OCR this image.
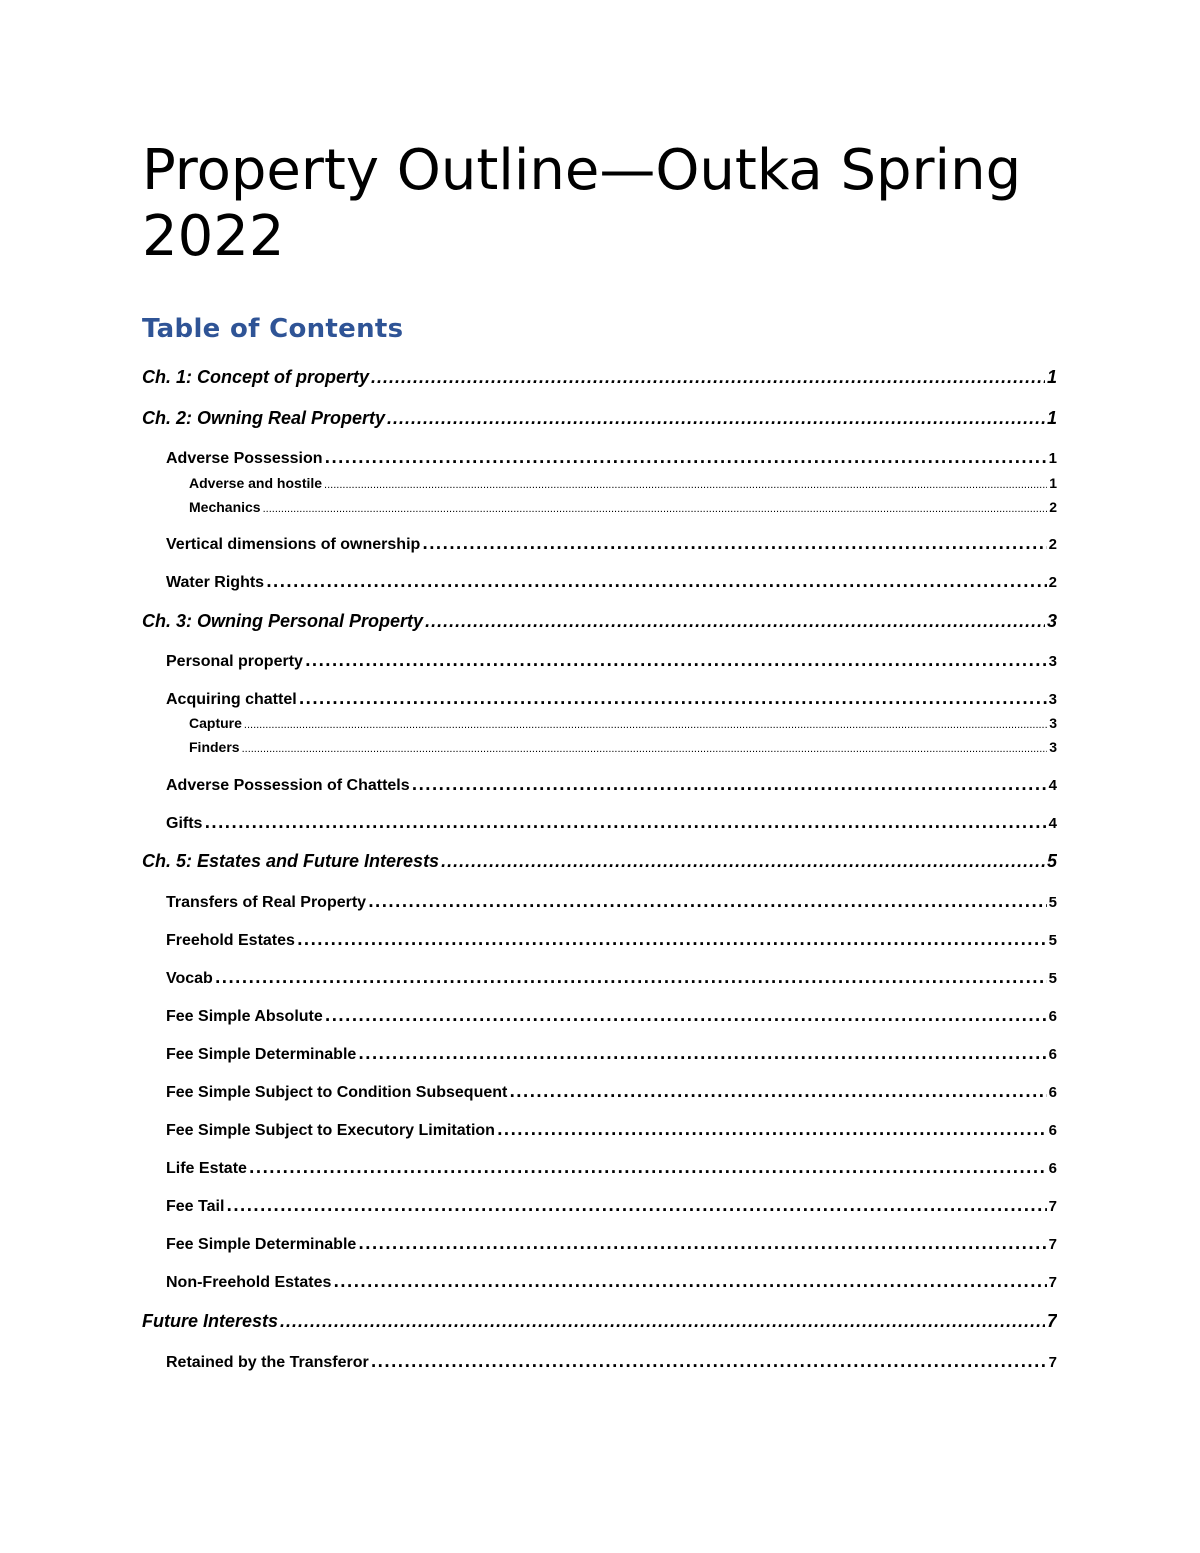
Property Outline—Outka Spring 2022
Table of Contents
Ch. 1: Concept of property .....	1
Ch. 2: Owning Real Property .....	1
Adverse Possession .....	1
Adverse and hostile .....	1
Mechanics .....	2
Vertical dimensions of ownership .....	2
Water Rights .....	2
Ch. 3: Owning Personal Property .....	3
Personal property .....	3
Acquiring chattel .....	3
Capture .....	3
Finders .....	3
Adverse Possession of Chattels .....	4
Gifts .....	4
Ch. 5: Estates and Future Interests .....	5
Transfers of Real Property .....	5
Freehold Estates .....	5
Vocab .....	5
Fee Simple Absolute .....	6
Fee Simple Determinable .....	6
Fee Simple Subject to Condition Subsequent .....	6
Fee Simple Subject to Executory Limitation .....	6
Life Estate .....	6
Fee Tail .....	7
Fee Simple Determinable .....	7
Non-Freehold Estates .....	7
Future Interests .....	7
Retained by the Transferor .....	7
